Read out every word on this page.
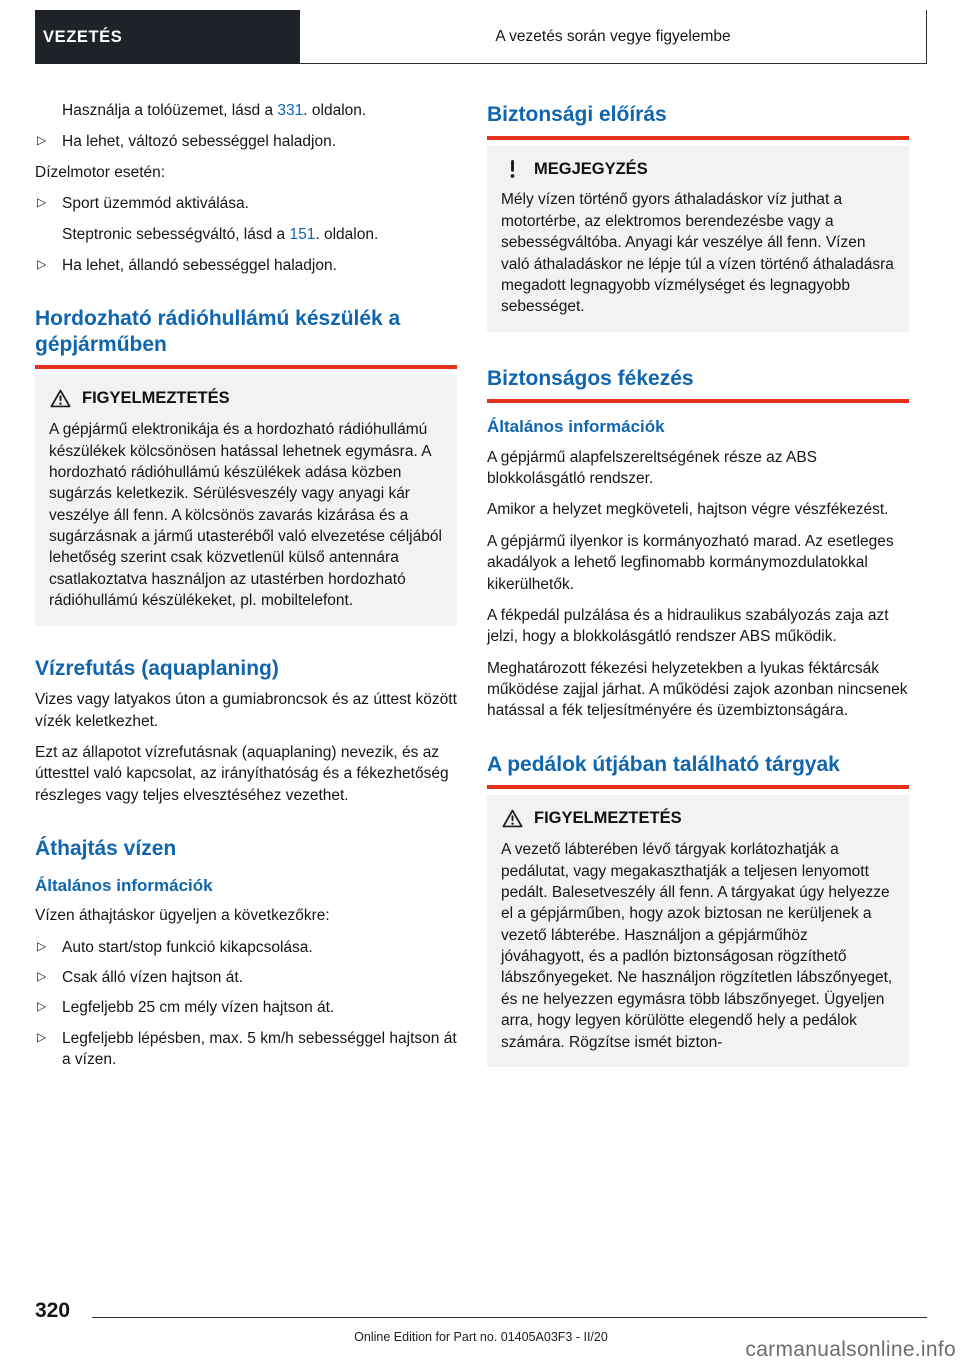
VEZETÉS	A vezetés során vegye figyelembe

Használja a tolóüzemet, lásd a 331. oldalon.

▷ Ha lehet, változó sebességgel haladjon.

Dízelmotor esetén:

▷ Sport üzemmód aktiválása.

Steptronic sebességváltó, lásd a 151. oldalon.

▷ Ha lehet, állandó sebességgel haladjon.
Hordozható rádióhullámú készülék a gépjárműben
FIGYELMEZTETÉS

A gépjármű elektronikája és a hordozható rádióhullámú készülékek kölcsönösen hatással lehetnek egymásra. A hordozható rádióhullámú készülékek adása közben sugárzás keletkezik. Sérülésveszély vagy anyagi kár veszélye áll fenn. A kölcsönös zavarás kizárása és a sugárzásnak a jármű utasteréből való elvezetése céljából lehetőség szerint csak közvetlenül külső antennára csatlakoztatva használjon az utastérben hordozható rádióhullámú készülékeket, pl. mobiltelefont.

Vízrefutás (aquaplaning)

Vizes vagy latyakos úton a gumiabroncsok és az úttest között vízék keletkezhet.

Ezt az állapotot vízrefutásnak (aquaplaning) nevezik, és az úttesttel való kapcsolat, az irányíthatóság és a fékezhetőség részleges vagy teljes elvesztéséhez vezethet.

Áthajtás vízen
Általános információk

Vízen áthajtáskor ügyeljen a következőkre:

▷ Auto start/stop funkció kikapcsolása.
▷ Csak álló vízen hajtson át.
▷ Legfeljebb 25 cm mély vízen hajtson át.
▷ Legfeljebb lépésben, max. 5 km/h sebességgel hajtson át a vízen.
Biztonsági előírás
MEGJEGYZÉS

Mély vízen történő gyors áthaladáskor víz juthat a motortérbe, az elektromos berendezésbe vagy a sebességváltóba. Anyagi kár veszélye áll fenn. Vízen való áthaladáskor ne lépje túl a vízen történő áthaladásra megadott legnagyobb vízmélységet és legnagyobb sebességet.

Biztonságos fékezés
Általános információk

A gépjármű alapfelszereltségének része az ABS blokkolásgátló rendszer.

Amikor a helyzet megköveteli, hajtson végre vészfékezést.

A gépjármű ilyenkor is kormányozható marad. Az esetleges akadályok a lehető legfinomabb kormánymozdulatokkal kikerülhetők.

A fékpedál pulzálása és a hidraulikus szabályozás zaja azt jelzi, hogy a blokkolásgátló rendszer ABS működik.

Meghatározott fékezési helyzetekben a lyukas féktárcsák működése zajjal járhat. A működési zajok azonban nincsenek hatással a fék teljesítményére és üzembiztonságára.

A pedálok útjában található tárgyak
FIGYELMEZTETÉS

A vezető lábterében lévő tárgyak korlátozhatják a pedálutat, vagy megakaszthatják a teljesen lenyomott pedált. Balesetveszély áll fenn. A tárgyakat úgy helyezze el a gépjárműben, hogy azok biztosan ne kerüljenek a vezető lábterébe. Használjon a gépjárműhöz jóváhagyott, és a padlón biztonságosan rögzíthető lábszőnyegeket. Ne használjon rögzítetlen lábszőnyeget, és ne helyezzen egymásra több lábszőnyeget. Ügyeljen arra, hogy legyen körülötte elegendő hely a pedálok számára. Rögzítse ismét bizton-

320
Online Edition for Part no. 01405A03F3 - II/20
carmanualsonline.info
